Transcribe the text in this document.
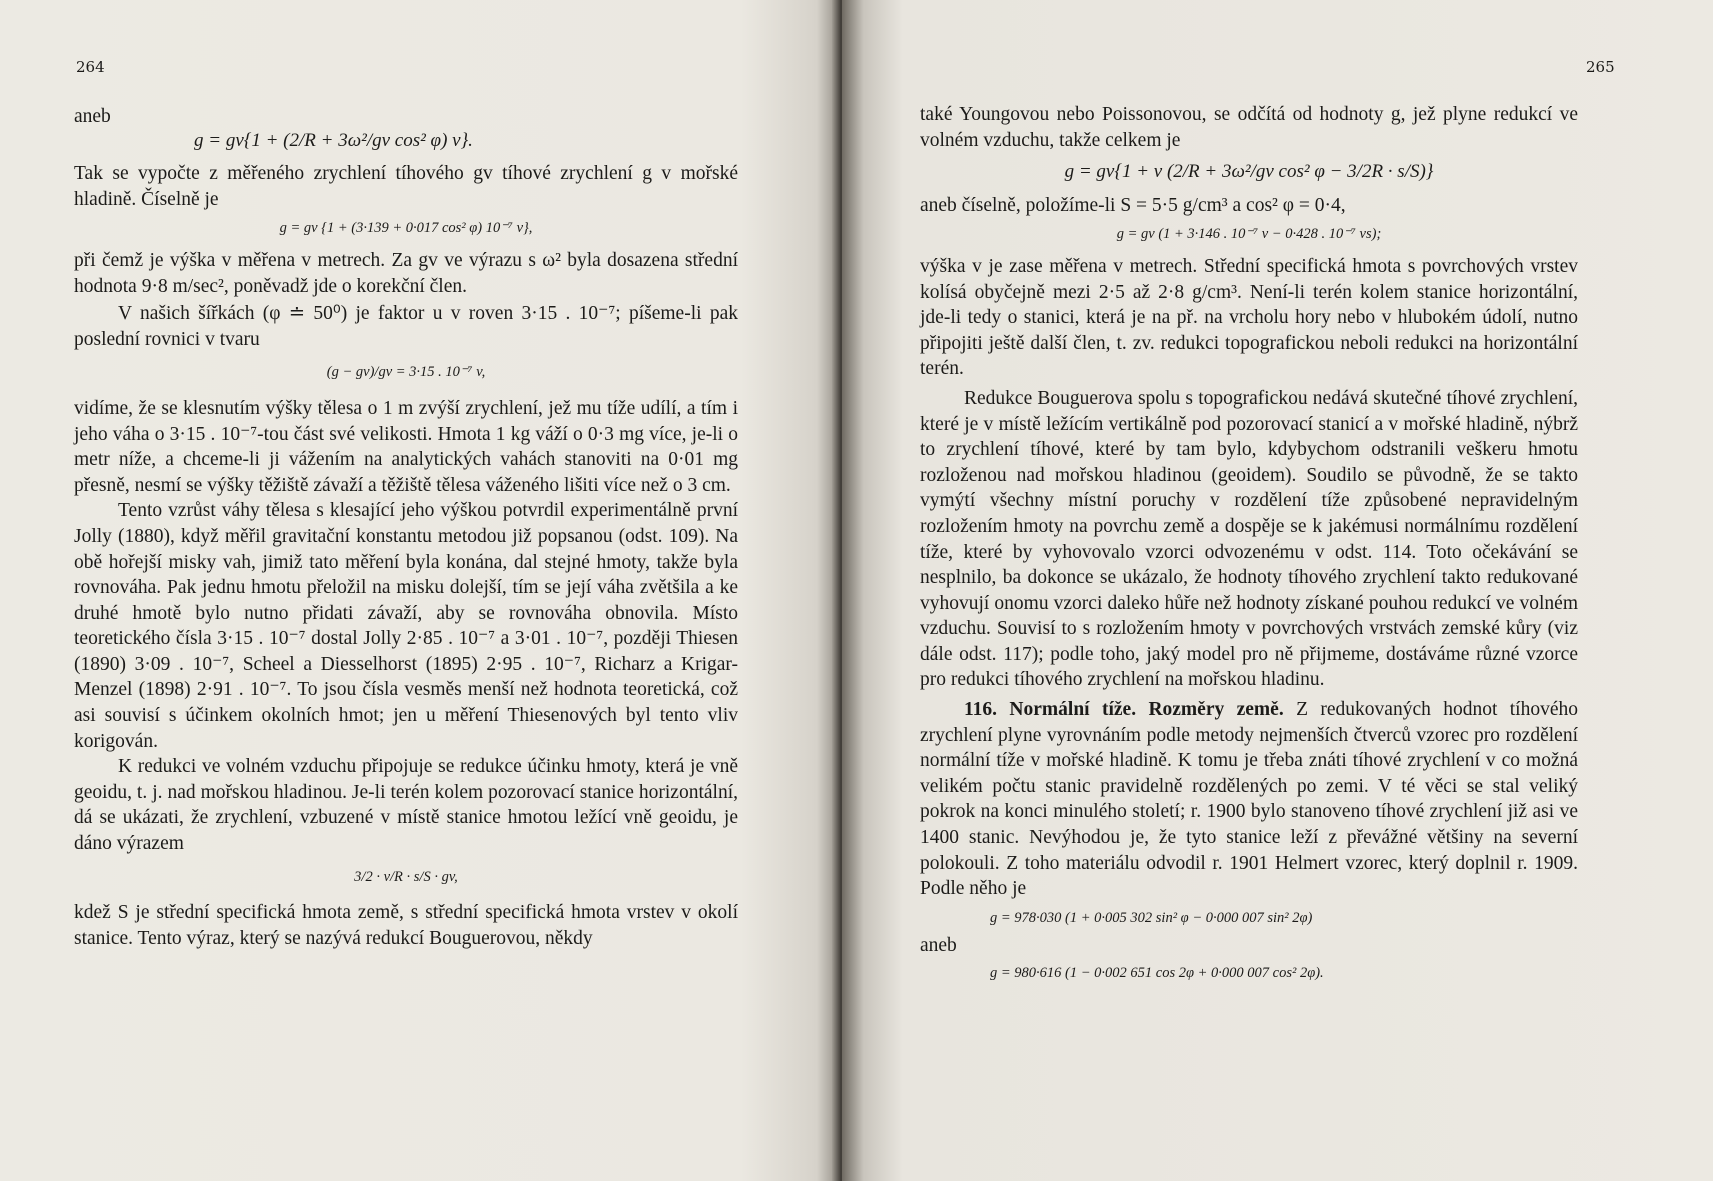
264

aneb

g = gv{1 + (2/R + 3ω²/gv cos² φ) v}.

Tak se vypočte z měřeného zrychlení tíhového gv tíhové zrychlení g v mořské hladině. Číselně je

g = gv {1 + (3·139 + 0·017 cos² φ) 10⁻⁷ v},

při čemž je výška v měřena v metrech. Za gv ve výrazu s ω² byla dosazena střední hodnota 9·8 m/sec², poněvadž jde o korekční člen.

V našich šířkách (φ ≐ 50⁰) je faktor u v roven 3·15 . 10⁻⁷; píšeme-li pak poslední rovnici v tvaru

(g − gv)/gv = 3·15 . 10⁻⁷ v,

vidíme, že se klesnutím výšky tělesa o 1 m zvýší zrychlení, jež mu tíže udílí, a tím i jeho váha o 3·15 . 10⁻⁷-tou část své velikosti. Hmota 1 kg váží o 0·3 mg více, je-li o metr níže, a chceme-li ji vážením na analytických vahách stanoviti na 0·01 mg přesně, nesmí se výšky těžiště závaží a těžiště tělesa váženého lišiti více než o 3 cm.

Tento vzrůst váhy tělesa s klesající jeho výškou potvrdil experimentálně první Jolly (1880), když měřil gravitační konstantu metodou již popsanou (odst. 109). Na obě hořejší misky vah, jimiž tato měření byla konána, dal stejné hmoty, takže byla rovnováha. Pak jednu hmotu přeložil na misku dolejší, tím se její váha zvětšila a ke druhé hmotě bylo nutno přidati závaží, aby se rovnováha obnovila. Místo teoretického čísla 3·15 . 10⁻⁷ dostal Jolly 2·85 . 10⁻⁷ a 3·01 . 10⁻⁷, později Thiesen (1890) 3·09 . 10⁻⁷, Scheel a Diesselhorst (1895) 2·95 . 10⁻⁷, Richarz a Krigar-Menzel (1898) 2·91 . 10⁻⁷. To jsou čísla vesměs menší než hodnota teoretická, což asi souvisí s účinkem okolních hmot; jen u měření Thiesenových byl tento vliv korigován.

K redukci ve volném vzduchu připojuje se redukce účinku hmoty, která je vně geoidu, t. j. nad mořskou hladinou. Je-li terén kolem pozorovací stanice horizontální, dá se ukázati, že zrychlení, vzbuzené v místě stanice hmotou ležící vně geoidu, je dáno výrazem

3/2 · v/R · s/S · gv,

kdež S je střední specifická hmota země, s střední specifická hmota vrstev v okolí stanice. Tento výraz, který se nazývá redukcí Bouguerovou, někdy

265

také Youngovou nebo Poissonovou, se odčítá od hodnoty g, jež plyne redukcí ve volném vzduchu, takže celkem je

g = gv{1 + v (2/R + 3ω²/gv cos² φ − 3/2R · s/S)}

aneb číselně, položíme-li S = 5·5 g/cm³ a cos² φ = 0·4,

g = gv (1 + 3·146 . 10⁻⁷ v − 0·428 . 10⁻⁷ vs);

výška v je zase měřena v metrech. Střední specifická hmota s povrchových vrstev kolísá obyčejně mezi 2·5 až 2·8 g/cm³. Není-li terén kolem stanice horizontální, jde-li tedy o stanici, která je na př. na vrcholu hory nebo v hlubokém údolí, nutno připojiti ještě další člen, t. zv. redukci topografickou neboli redukci na horizontální terén.

Redukce Bouguerova spolu s topografickou nedává skutečné tíhové zrychlení, které je v místě ležícím vertikálně pod pozorovací stanicí a v mořské hladině, nýbrž to zrychlení tíhové, které by tam bylo, kdybychom odstranili veškeru hmotu rozloženou nad mořskou hladinou (geoidem). Soudilo se původně, že se takto vymýtí všechny místní poruchy v rozdělení tíže způsobené nepravidelným rozložením hmoty na povrchu země a dospěje se k jakémusi normálnímu rozdělení tíže, které by vyhovovalo vzorci odvozenému v odst. 114. Toto očekávání se nesplnilo, ba dokonce se ukázalo, že hodnoty tíhového zrychlení takto redukované vyhovují onomu vzorci daleko hůře než hodnoty získané pouhou redukcí ve volném vzduchu. Souvisí to s rozložením hmoty v povrchových vrstvách zemské kůry (viz dále odst. 117); podle toho, jaký model pro ně přijmeme, dostáváme různé vzorce pro redukci tíhového zrychlení na mořskou hladinu.

116. Normální tíže. Rozměry země. Z redukovaných hodnot tíhového zrychlení plyne vyrovnáním podle metody nejmenších čtverců vzorec pro rozdělení normální tíže v mořské hladině. K tomu je třeba znáti tíhové zrychlení v co možná velikém počtu stanic pravidelně rozdělených po zemi. V té věci se stal veliký pokrok na konci minulého století; r. 1900 bylo stanoveno tíhové zrychlení již asi ve 1400 stanic. Nevýhodou je, že tyto stanice leží z převážné většiny na severní polokouli. Z toho materiálu odvodil r. 1901 Helmert vzorec, který doplnil r. 1909. Podle něho je

g = 978·030 (1 + 0·005 302 sin² φ − 0·000 007 sin² 2φ)

aneb

g = 980·616 (1 − 0·002 651 cos 2φ + 0·000 007 cos² 2φ).
